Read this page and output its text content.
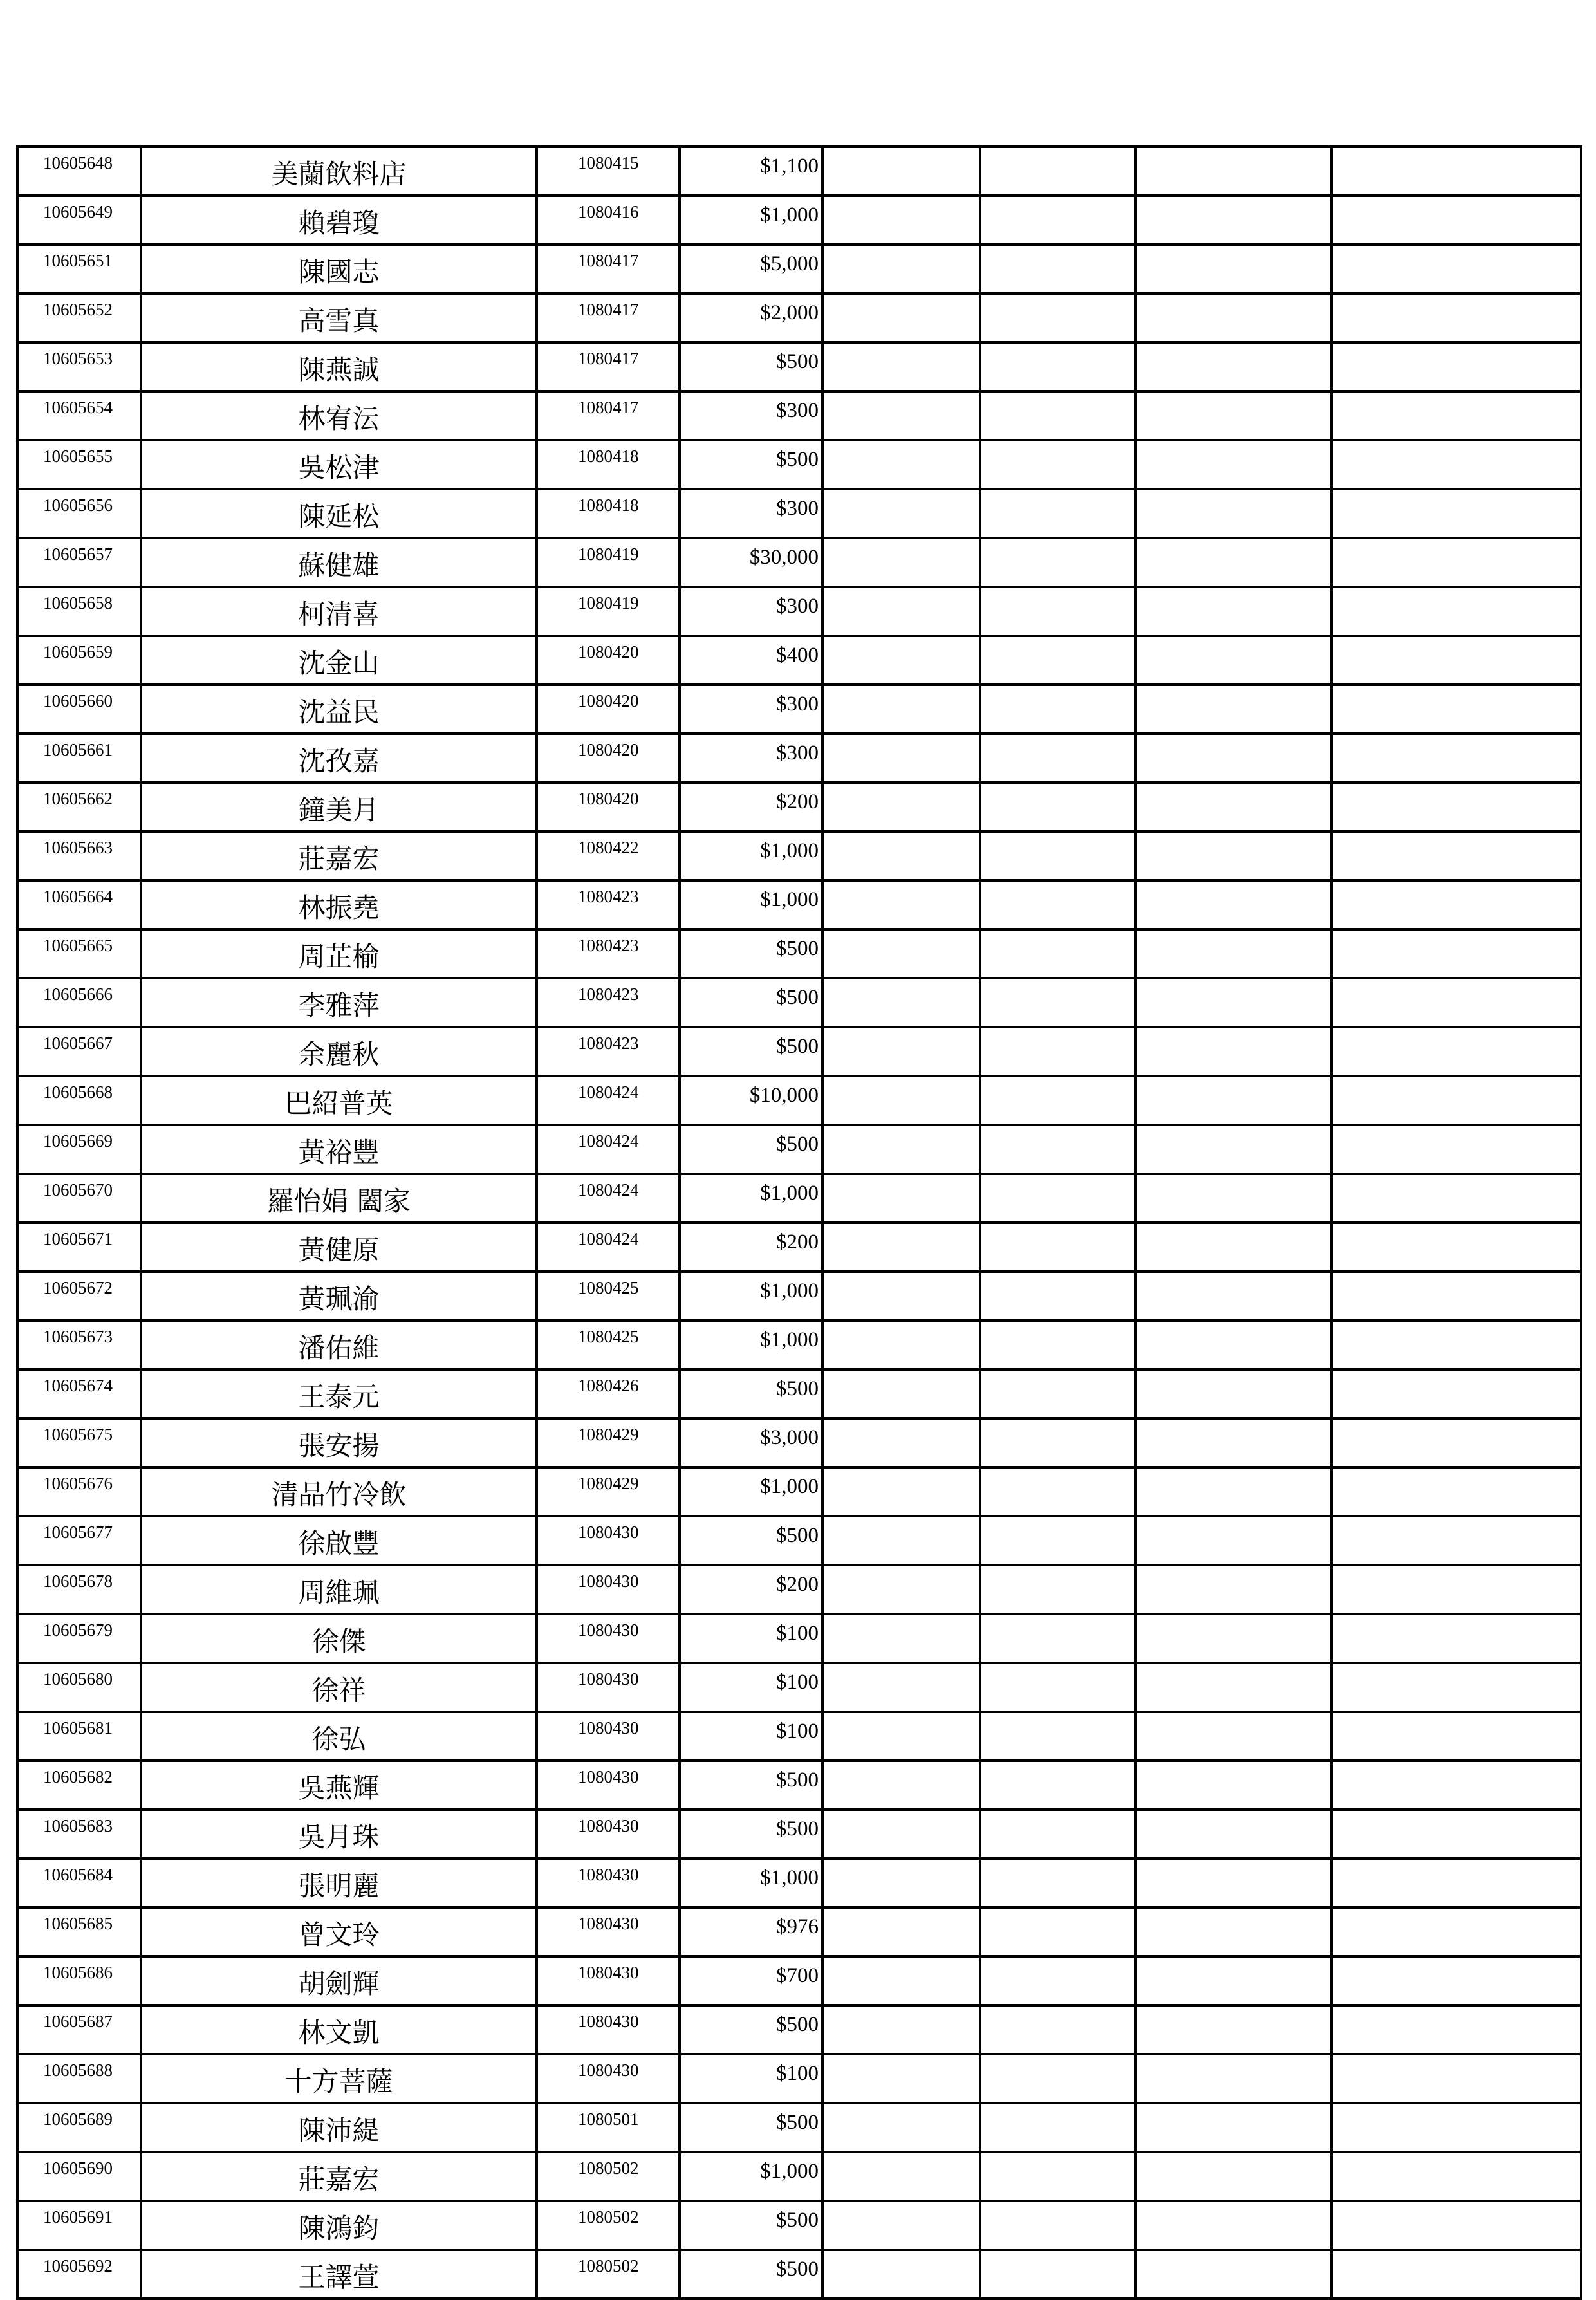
10605648	美蘭飲料店	1080415	$1,100				
10605649	賴碧瓊	1080416	$1,000				
10605651	陳國志	1080417	$5,000				
10605652	高雪真	1080417	$2,000				
10605653	陳燕誠	1080417	$500				
10605654	林宥沄	1080417	$300				
10605655	吳松津	1080418	$500				
10605656	陳延松	1080418	$300				
10605657	蘇健雄	1080419	$30,000				
10605658	柯清喜	1080419	$300				
10605659	沈金山	1080420	$400				
10605660	沈益民	1080420	$300				
10605661	沈孜嘉	1080420	$300				
10605662	鐘美月	1080420	$200				
10605663	莊嘉宏	1080422	$1,000				
10605664	林振堯	1080423	$1,000				
10605665	周芷榆	1080423	$500				
10605666	李雅萍	1080423	$500				
10605667	余麗秋	1080423	$500				
10605668	巴紹普英	1080424	$10,000				
10605669	黃裕豐	1080424	$500				
10605670	羅怡娟 闔家	1080424	$1,000				
10605671	黃健原	1080424	$200				
10605672	黃珮渝	1080425	$1,000				
10605673	潘佑維	1080425	$1,000				
10605674	王泰元	1080426	$500				
10605675	張安揚	1080429	$3,000				
10605676	清品竹冷飲	1080429	$1,000				
10605677	徐啟豐	1080430	$500				
10605678	周維珮	1080430	$200				
10605679	徐傑	1080430	$100				
10605680	徐祥	1080430	$100				
10605681	徐弘	1080430	$100				
10605682	吳燕輝	1080430	$500				
10605683	吳月珠	1080430	$500				
10605684	張明麗	1080430	$1,000				
10605685	曾文玲	1080430	$976				
10605686	胡劍輝	1080430	$700				
10605687	林文凱	1080430	$500				
10605688	十方菩薩	1080430	$100				
10605689	陳沛緹	1080501	$500				
10605690	莊嘉宏	1080502	$1,000				
10605691	陳鴻鈞	1080502	$500				
10605692	王譯萱	1080502	$500				
